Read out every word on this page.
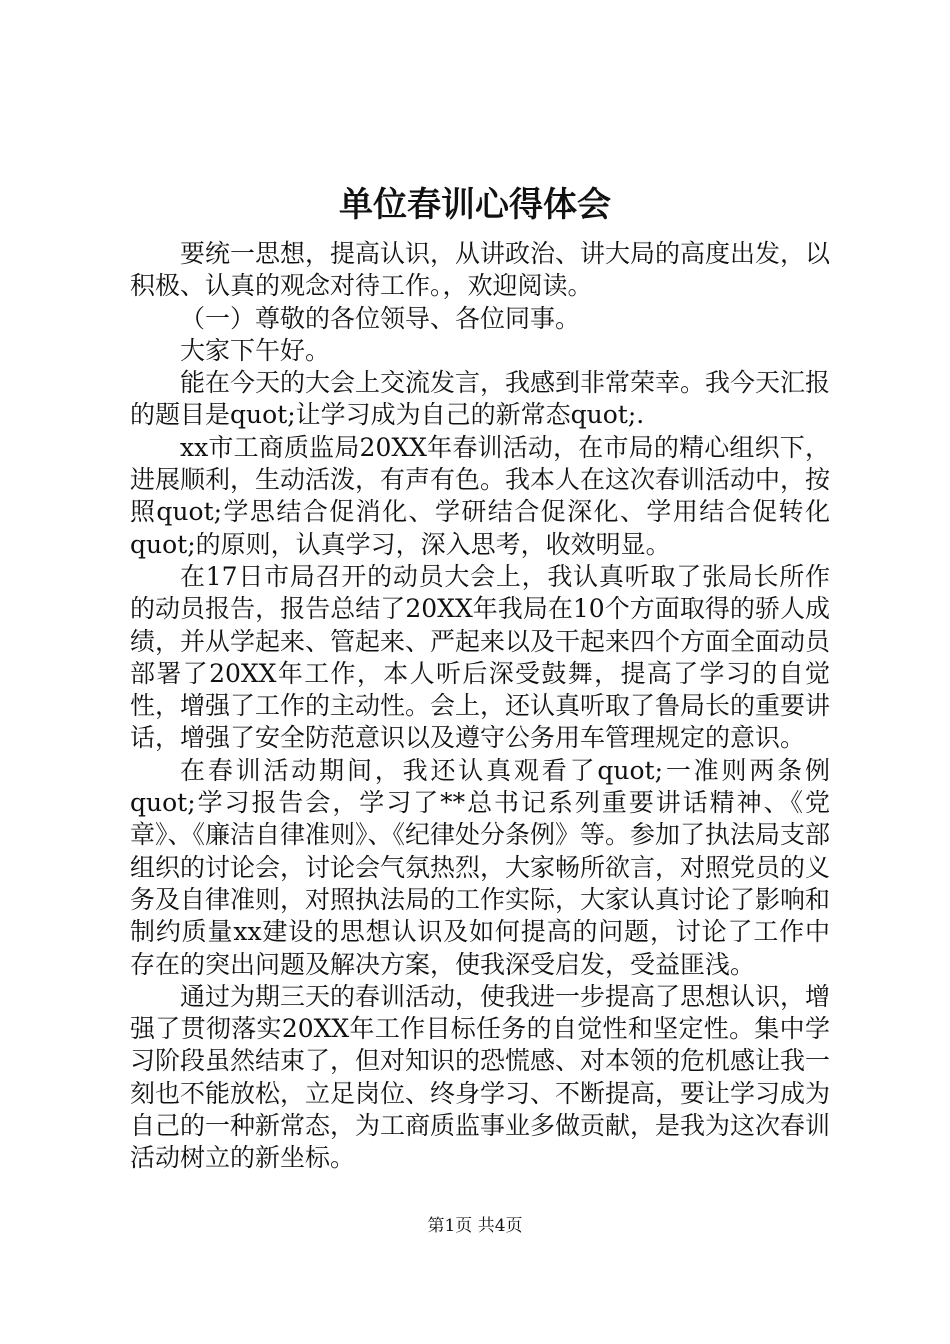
单位春训心得体会

要统一思想，提高认识，从讲政治、讲大局的高度出发，以积极、认真的观念对待工作。，欢迎阅读。

（一）尊敬的各位领导、各位同事。

大家下午好。

能在今天的大会上交流发言，我感到非常荣幸。我今天汇报的题目是quot;让学习成为自己的新常态quot;.

xx市工商质监局20XX年春训活动，在市局的精心组织下，进展顺利，生动活泼，有声有色。我本人在这次春训活动中，按照quot;学思结合促消化、学研结合促深化、学用结合促转化quot;的原则，认真学习，深入思考，收效明显。

在17日市局召开的动员大会上，我认真听取了张局长所作的动员报告，报告总结了20XX年我局在10个方面取得的骄人成绩，并从学起来、管起来、严起来以及干起来四个方面全面动员部署了20XX年工作，本人听后深受鼓舞，提高了学习的自觉性，增强了工作的主动性。会上，还认真听取了鲁局长的重要讲话，增强了安全防范意识以及遵守公务用车管理规定的意识。

在春训活动期间，我还认真观看了quot;一准则两条例quot;学习报告会，学习了**总书记系列重要讲话精神、《党章》、《廉洁自律准则》、《纪律处分条例》等。参加了执法局支部组织的讨论会，讨论会气氛热烈，大家畅所欲言，对照党员的义务及自律准则，对照执法局的工作实际，大家认真讨论了影响和制约质量xx建设的思想认识及如何提高的问题，讨论了工作中存在的突出问题及解决方案，使我深受启发，受益匪浅。

通过为期三天的春训活动，使我进一步提高了思想认识，增强了贯彻落实20XX年工作目标任务的自觉性和坚定性。集中学习阶段虽然结束了，但对知识的恐慌感、对本领的危机感让我一刻也不能放松，立足岗位、终身学习、不断提高，要让学习成为自己的一种新常态，为工商质监事业多做贡献，是我为这次春训活动树立的新坐标。

第1页 共4页
